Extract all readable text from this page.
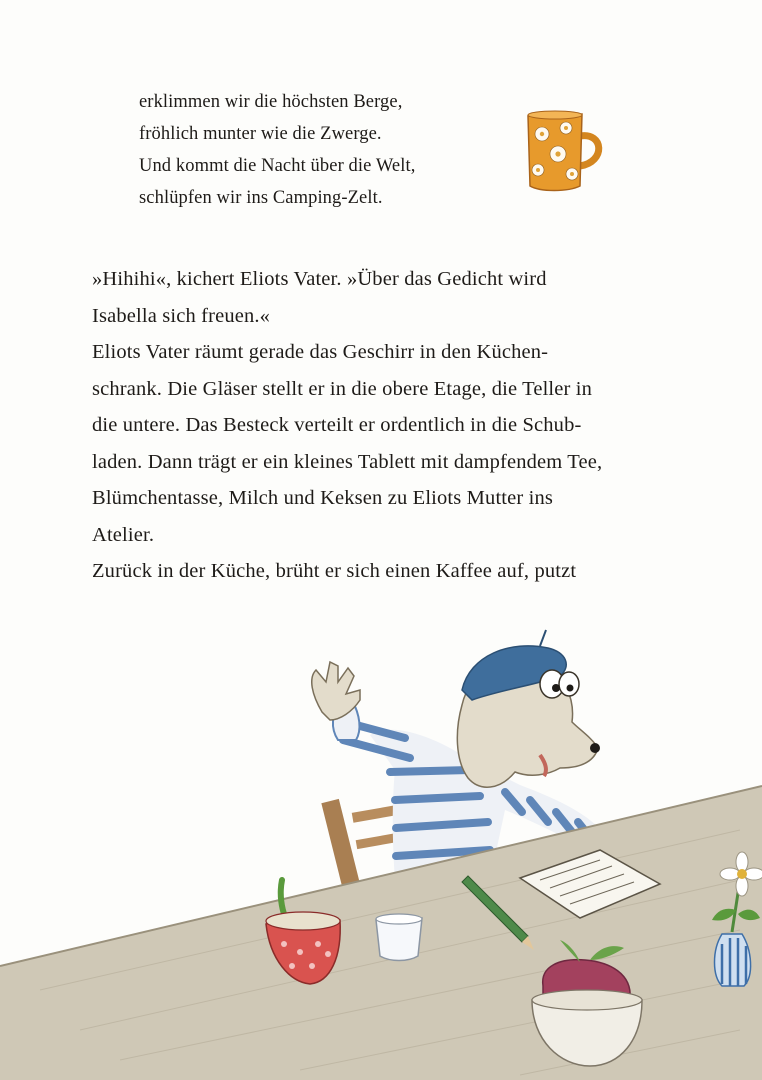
erklimmen wir die höchsten Berge,
fröhlich munter wie die Zwerge.
Und kommt die Nacht über die Welt,
schlüpfen wir ins Camping-Zelt.
»Hihihi«, kichert Eliots Vater. »Über das Gedicht wird
Isabella sich freuen.«
Eliots Vater räumt gerade das Geschirr in den Küchen-
schrank. Die Gläser stellt er in die obere Etage, die Teller in
die untere. Das Besteck verteilt er ordentlich in die Schub-
laden. Dann trägt er ein kleines Tablett mit dampfendem Tee,
Blümchentasse, Milch und Keksen zu Eliots Mutter ins
Atelier.
Zurück in der Küche, brüht er sich einen Kaffee auf, putzt
